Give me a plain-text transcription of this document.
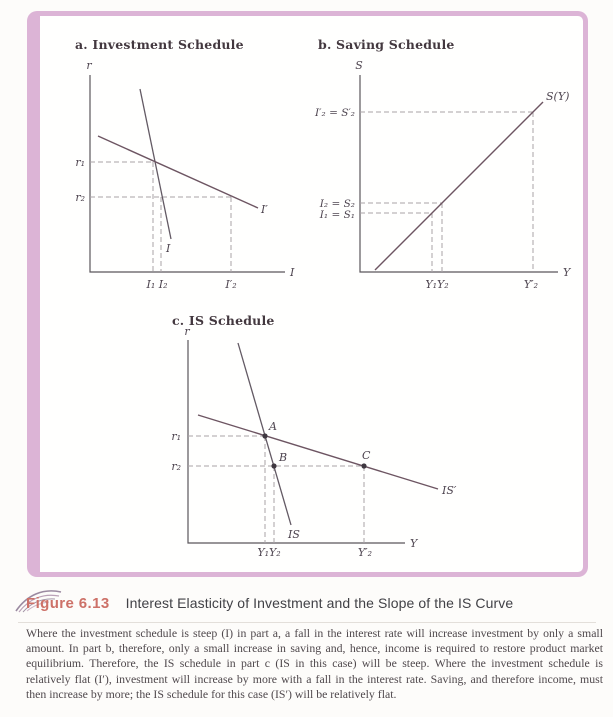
a. Investment Schedule	b. Saving Schedule
c. IS Schedule
r
I
I
I′
r₁
r₂
I₁ I₂	I′₂
S
Y
S(Y)
I′₂ = S′₂
I₂ = S₂
I₁ = S₁
Y₁Y₂	Y′₂
r
Y
A
B	C
IS
IS′
r₁
r₂
Y₁Y₂	Y′₂
Figure 6.13 Interest Elasticity of Investment and the Slope of the IS Curve
Where the investment schedule is steep (I) in part a, a fall in the interest rate will increase investment by only a small amount. In part b, therefore, only a small increase in saving and, hence, income is required to restore product market equilibrium. Therefore, the IS schedule in part c (IS in this case) will be steep. Where the investment schedule is relatively flat (I′), investment will increase by more with a fall in the interest rate. Saving, and therefore income, must then increase by more; the IS schedule for this case (IS′) will be relatively flat.
